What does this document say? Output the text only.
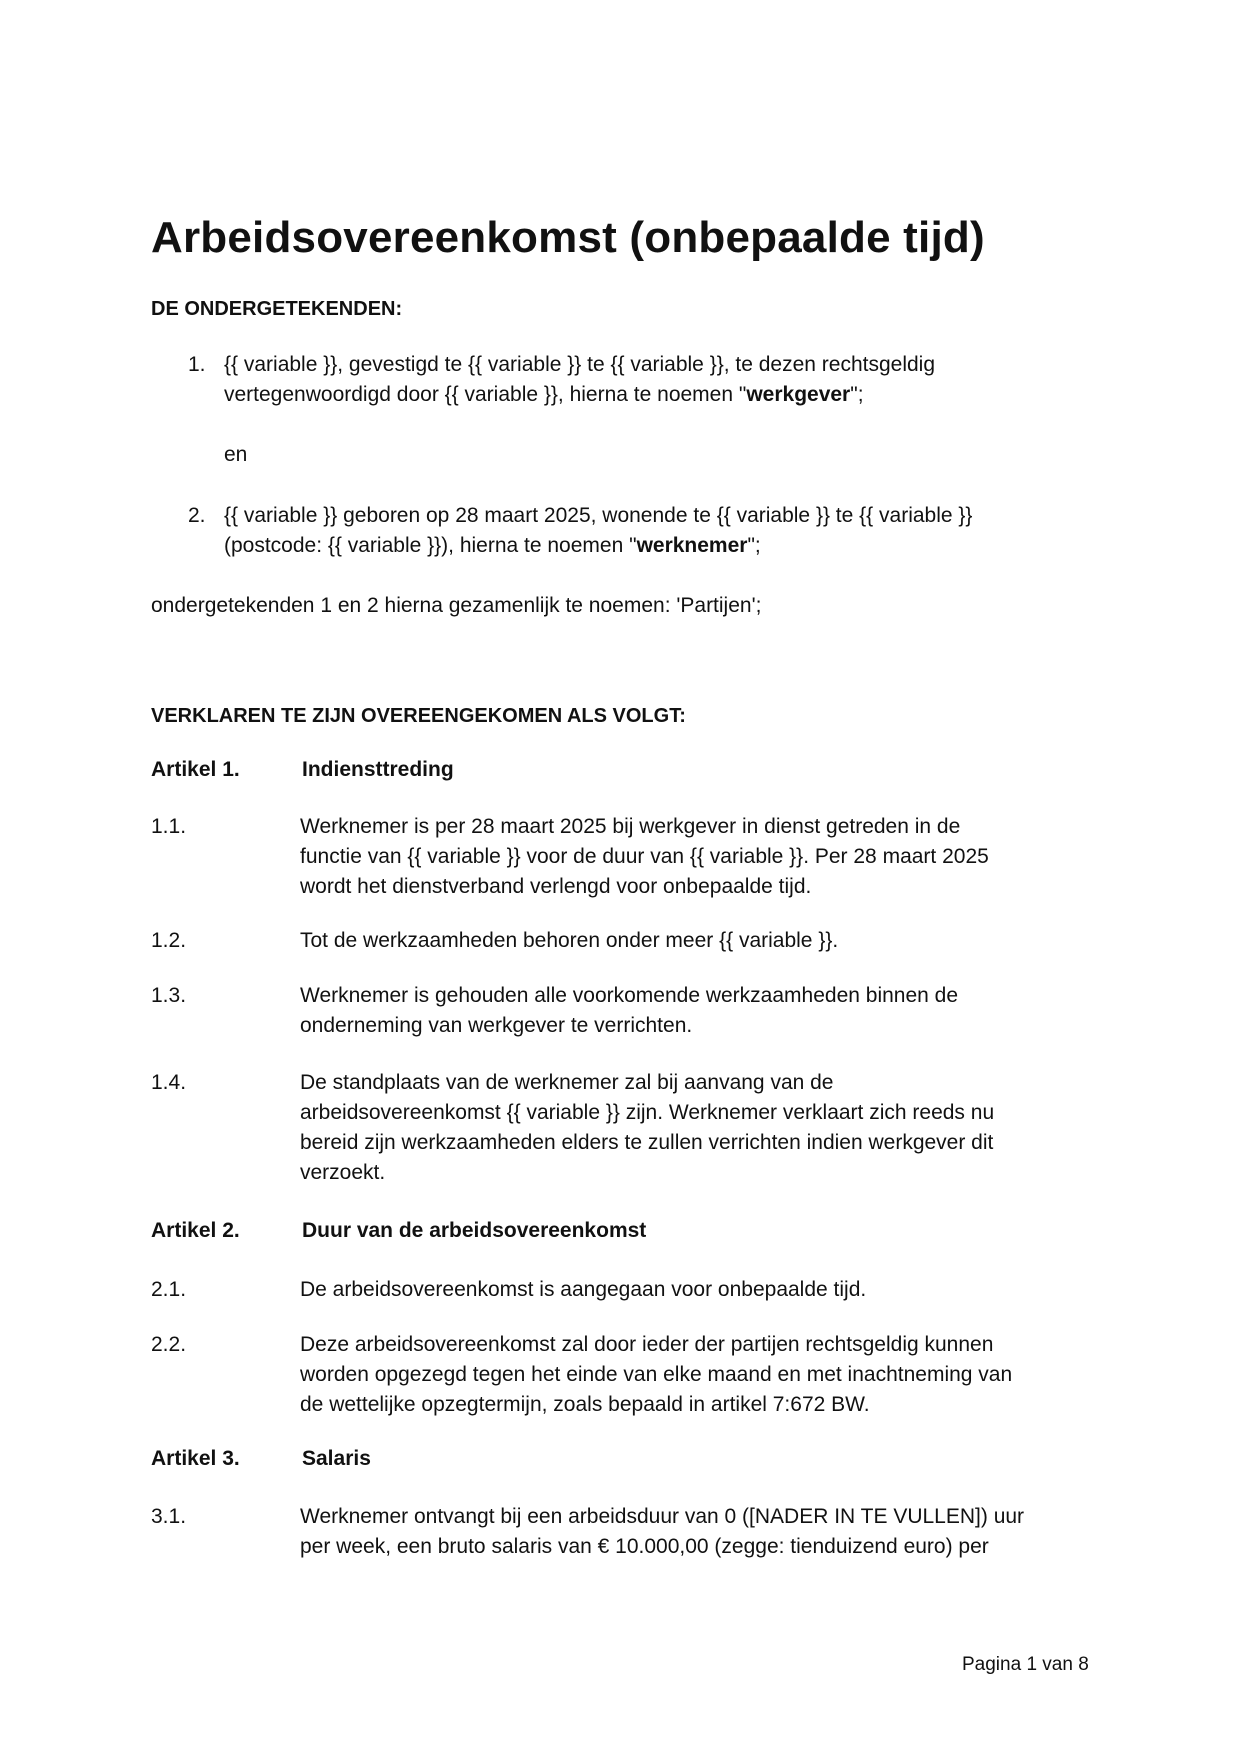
Arbeidsovereenkomst (onbepaalde tijd)
DE ONDERGETEKENDEN:
1. {{ variable }}, gevestigd te {{ variable }} te {{ variable }}, te dezen rechtsgeldig
vertegenwoordigd door {{ variable }}, hierna te noemen "werkgever";
en
2. {{ variable }} geboren op 28 maart 2025, wonende te {{ variable }} te {{ variable }}
(postcode: {{ variable }}), hierna te noemen "werknemer";
ondergetekenden 1 en 2 hierna gezamenlijk te noemen: 'Partijen';
VERKLAREN TE ZIJN OVEREENGEKOMEN ALS VOLGT:
Artikel 1.	Indiensttreding
1.1.	Werknemer is per 28 maart 2025 bij werkgever in dienst getreden in de
functie van {{ variable }} voor de duur van {{ variable }}. Per 28 maart 2025
wordt het dienstverband verlengd voor onbepaalde tijd.
1.2.	Tot de werkzaamheden behoren onder meer {{ variable }}.
1.3.	Werknemer is gehouden alle voorkomende werkzaamheden binnen de
onderneming van werkgever te verrichten.
1.4.	De standplaats van de werknemer zal bij aanvang van de
arbeidsovereenkomst {{ variable }} zijn. Werknemer verklaart zich reeds nu
bereid zijn werkzaamheden elders te zullen verrichten indien werkgever dit
verzoekt.
Artikel 2.	Duur van de arbeidsovereenkomst
2.1.	De arbeidsovereenkomst is aangegaan voor onbepaalde tijd.
2.2.	Deze arbeidsovereenkomst zal door ieder der partijen rechtsgeldig kunnen
worden opgezegd tegen het einde van elke maand en met inachtneming van
de wettelijke opzegtermijn, zoals bepaald in artikel 7:672 BW.
Artikel 3.	Salaris
3.1.	Werknemer ontvangt bij een arbeidsduur van 0 ([NADER IN TE VULLEN]) uur
per week, een bruto salaris van € 10.000,00 (zegge: tienduizend euro) per
Pagina 1 van 8
